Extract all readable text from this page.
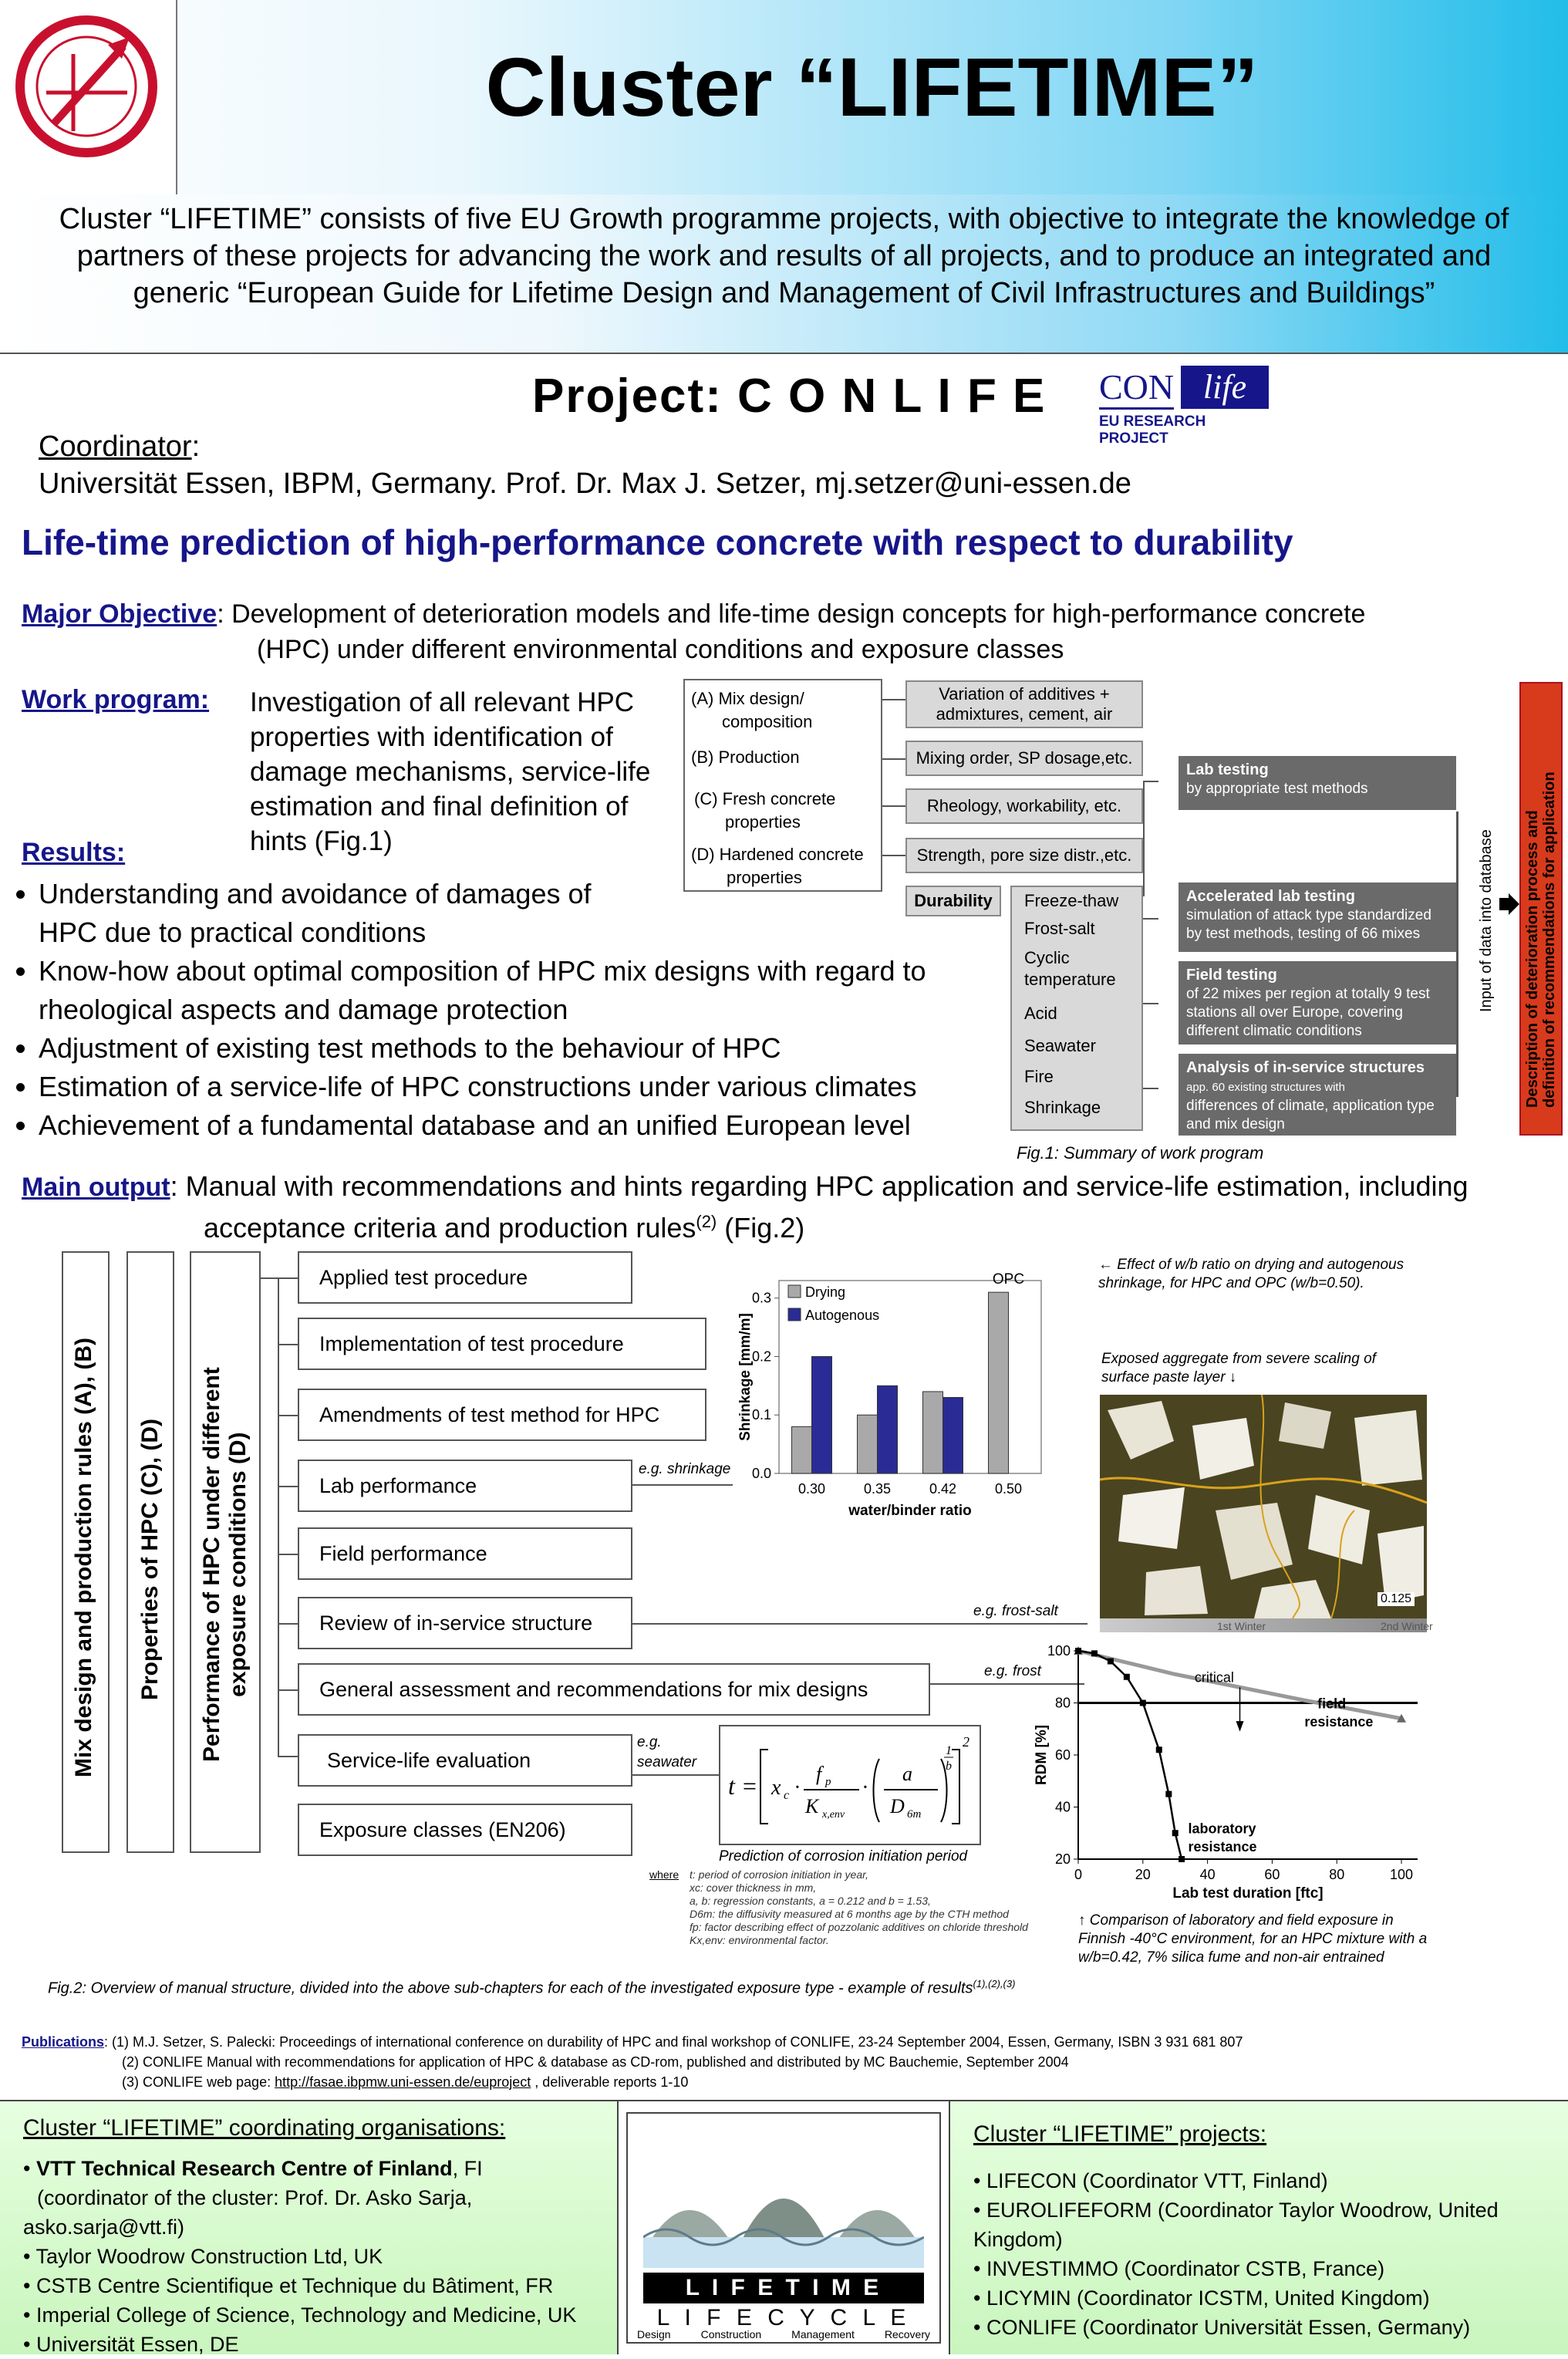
Cluster “LIFETIME”
Cluster “LIFETIME” consists of five EU Growth programme projects, with objective to integrate the knowledge of partners of these projects for advancing the work and results of all projects, and to produce an integrated and generic “European Guide for Lifetime Design and Management of Civil Infrastructures and Buildings”
Project: C O N L I F E CON life
EU RESEARCH PROJECT
Coordinator:
Universität Essen, IBPM, Germany. Prof. Dr. Max J. Setzer, mj.setzer@uni-essen.de
Life-time prediction of high-performance concrete with respect to durability
Major Objective: Development of deterioration models and life-time design concepts for high-performance concrete
(HPC) under different environmental conditions and exposure classes
Work program: Investigation of all relevant HPC properties with identification of damage mechanisms, service-life estimation and final definition of hints (Fig.1)
Results:
• Understanding and avoidance of damages of HPC due to practical conditions
• Know-how about optimal composition of HPC mix designs with regard to rheological aspects and damage protection
• Adjustment of existing test methods to the behaviour of HPC
• Estimation of a service-life of HPC constructions under various climates
• Achievement of a fundamental database and an unified European level
(A) Mix design/
composition
(B) Production
(C) Fresh concrete
properties
(D) Hardened concrete
properties
Variation of additives + admixtures, cement, air
Mixing order, SP dosage,etc.
Rheology, workability, etc.
Strength, pore size distr.,etc.
Durability	Freeze-thaw
Frost-salt
Cyclic
temperature
Acid
Seawater
Fire
Shrinkage
Lab testing
by appropriate test methods
Accelerated lab testing
simulation of attack type standardized by test methods, testing of 66 mixes
Field testing
of 22 mixes per region at totally 9 test stations all over Europe, covering different climatic conditions
Analysis of in-service structures
app. 60 existing structures with
differences of climate, application type and mix design
Input of data into database Description of deterioration process and
definition of recommendations for application
Fig.1: Summary of work program
Main output: Manual with recommendations and hints regarding HPC application and service-life estimation, including
acceptance criteria and production rules$^{(2)}$ (Fig.2)
Mix design and production rules (A), (B) Properties of HPC (C), (D) Performance of HPC under different
exposure conditions (D)
Applied test procedure
Implementation of test procedure
Amendments of test method for HPC
Lab performance
Field performance
Review of in-service structure
General assessment and recommendations for mix designs
Service-life evaluation
Exposure classes (EN206)
e.g. shrinkage
e.g. frost-salt
e.g. frost
e.g.
seawater
0.0
0.1
0.2
0.3
0.30	0.35	0.42	0.50
water/binder ratio
Shrinkage [mm/m]
OPC
Drying
Autogenous
← Effect of w/b ratio on drying and autogenous shrinkage, for HPC and OPC (w/b=0.50).
Exposed aggregate from severe scaling of surface paste layer ↓
0.125
1st Winter	2nd Winter
t = x c ·
f p
K x,env
·
a
D 6m
1
b
2
Prediction of corrosion initiation period
where t: period of corrosion initiation in year,
xc: cover thickness in mm,
a, b: regression constants, a = 0.212 and b = 1.53,
D6m: the diffusivity measured at 6 months age by the CTH method
fp: factor describing effect of pozzolanic additives on chloride threshold
Kx,env: environmental factor.
20
40
60
80
100
0	20	40	60	80	100
Lab test duration [ftc]
RDM [%]
critical
field
resistance
laboratory
resistance
↑ Comparison of laboratory and field exposure in Finnish -40°C environment, for an HPC mixture with a w/b=0.42, 7% silica fume and non-air entrained
Fig.2: Overview of manual structure, divided into the above sub-chapters for each of the investigated exposure type - example of results$^{(1),(2),(3)}$
Publications: (1) M.J. Setzer, S. Palecki: Proceedings of international conference on durability of HPC and final workshop of CONLIFE, 23-24 September 2004, Essen, Germany, ISBN 3 931 681 807
(2) CONLIFE Manual with recommendations for application of HPC & database as CD-rom, published and distributed by MC Bauchemie, September 2004
(3) CONLIFE web page: http://fasae.ibpmw.uni-essen.de/euproject , deliverable reports 1-10
Cluster “LIFETIME” coordinating organisations:
• VTT Technical Research Centre of Finland, FI
(coordinator of the cluster: Prof. Dr. Asko Sarja,
asko.sarja@vtt.fi)
• Taylor Woodrow Construction Ltd, UK
• CSTB Centre Scientifique et Technique du Bâtiment, FR
• Imperial College of Science, Technology and Medicine, UK
• Universität Essen, DE
L I F E T I M E
L I F E C Y C L E
Design	Construction	Management	Recovery
Cluster “LIFETIME” projects:
• LIFECON (Coordinator VTT, Finland)
• EUROLIFEFORM (Coordinator Taylor Woodrow, United Kingdom)
• INVESTIMMO (Coordinator CSTB, France)
• LICYMIN (Coordinator ICSTM, United Kingdom)
• CONLIFE (Coordinator Universität Essen, Germany)
